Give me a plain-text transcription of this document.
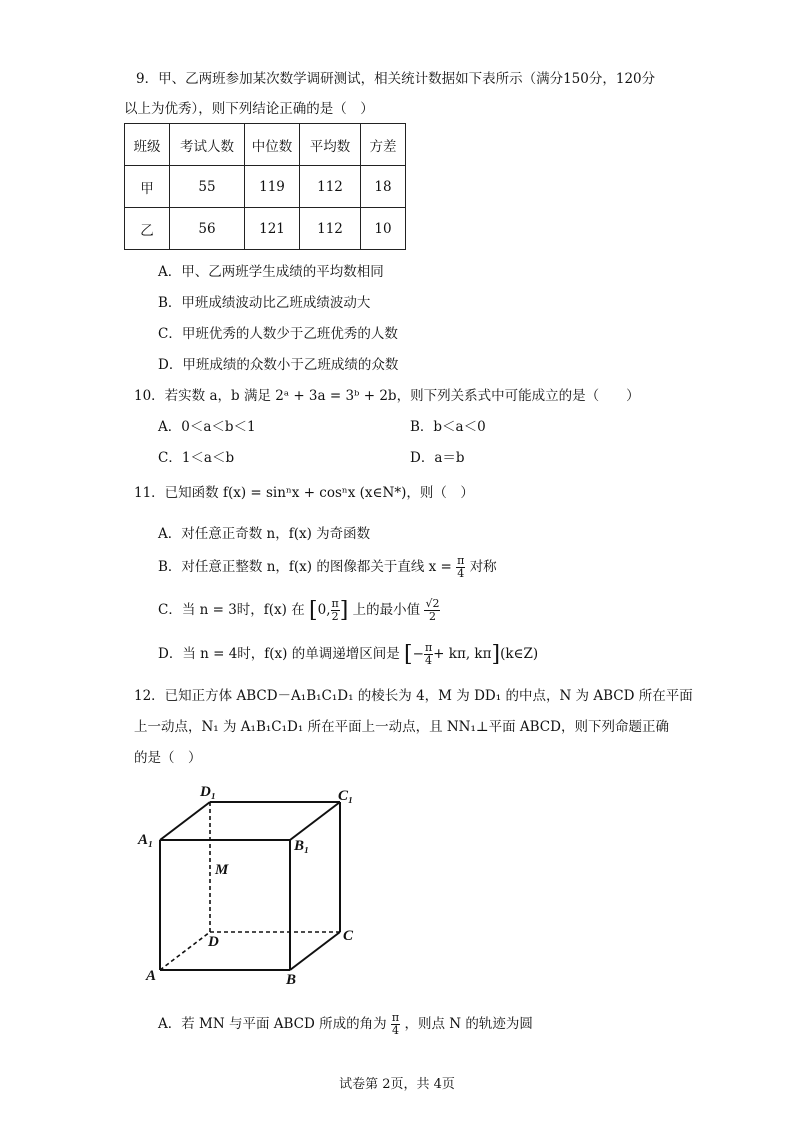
9．甲、乙两班参加某次数学调研测试，相关统计数据如下表所示（满分150分，120分
以上为优秀），则下列结论正确的是（　）
班级	考试人数	中位数	平均数	方差
甲	55	119	112	18
乙	56	121	112	10
A．甲、乙两班学生成绩的平均数相同
B．甲班成绩波动比乙班成绩波动大
C．甲班优秀的人数少于乙班优秀的人数
D．甲班成绩的众数小于乙班成绩的众数
10．若实数 a，b 满足 2ᵃ + 3a = 3ᵇ + 2b，则下列关系式中可能成立的是（　　）
A．0＜a＜b＜1	B．b＜a＜0
C．1＜a＜b	D．a＝b
11．已知函数 f(x) = sinⁿx + cosⁿx (x∈N*)，则（　）
A．对任意正奇数 n，f(x) 为奇函数
B．对任意正整数 n，f(x) 的图像都关于直线 $x = \frac{\pi}{4}$ 对称
C．当 n = 3时，f(x) 在 [0, $\frac{\pi}{2}$ ] 上的最小值 $\frac{√2}{2}$
D．当 n = 4时，f(x) 的单调递增区间是 [− $\frac{\pi}{4} + k\pi$, kπ](k∈Z)
12．已知正方体 ABCD－A₁B₁C₁D₁ 的棱长为 4，M 为 DD₁ 的中点，N 为 ABCD 所在平面
上一动点，N₁ 为 A₁B₁C₁D₁ 所在平面上一动点，且 NN₁⊥平面 ABCD，则下列命题正确
的是（　）
D₁	C₁
A₁	B₁
M
D	C
A	B
A．若 MN 与平面 ABCD 所成的角为 $\frac{\pi}{4}$ ，则点 N 的轨迹为圆
试卷第 2页，共 4页
